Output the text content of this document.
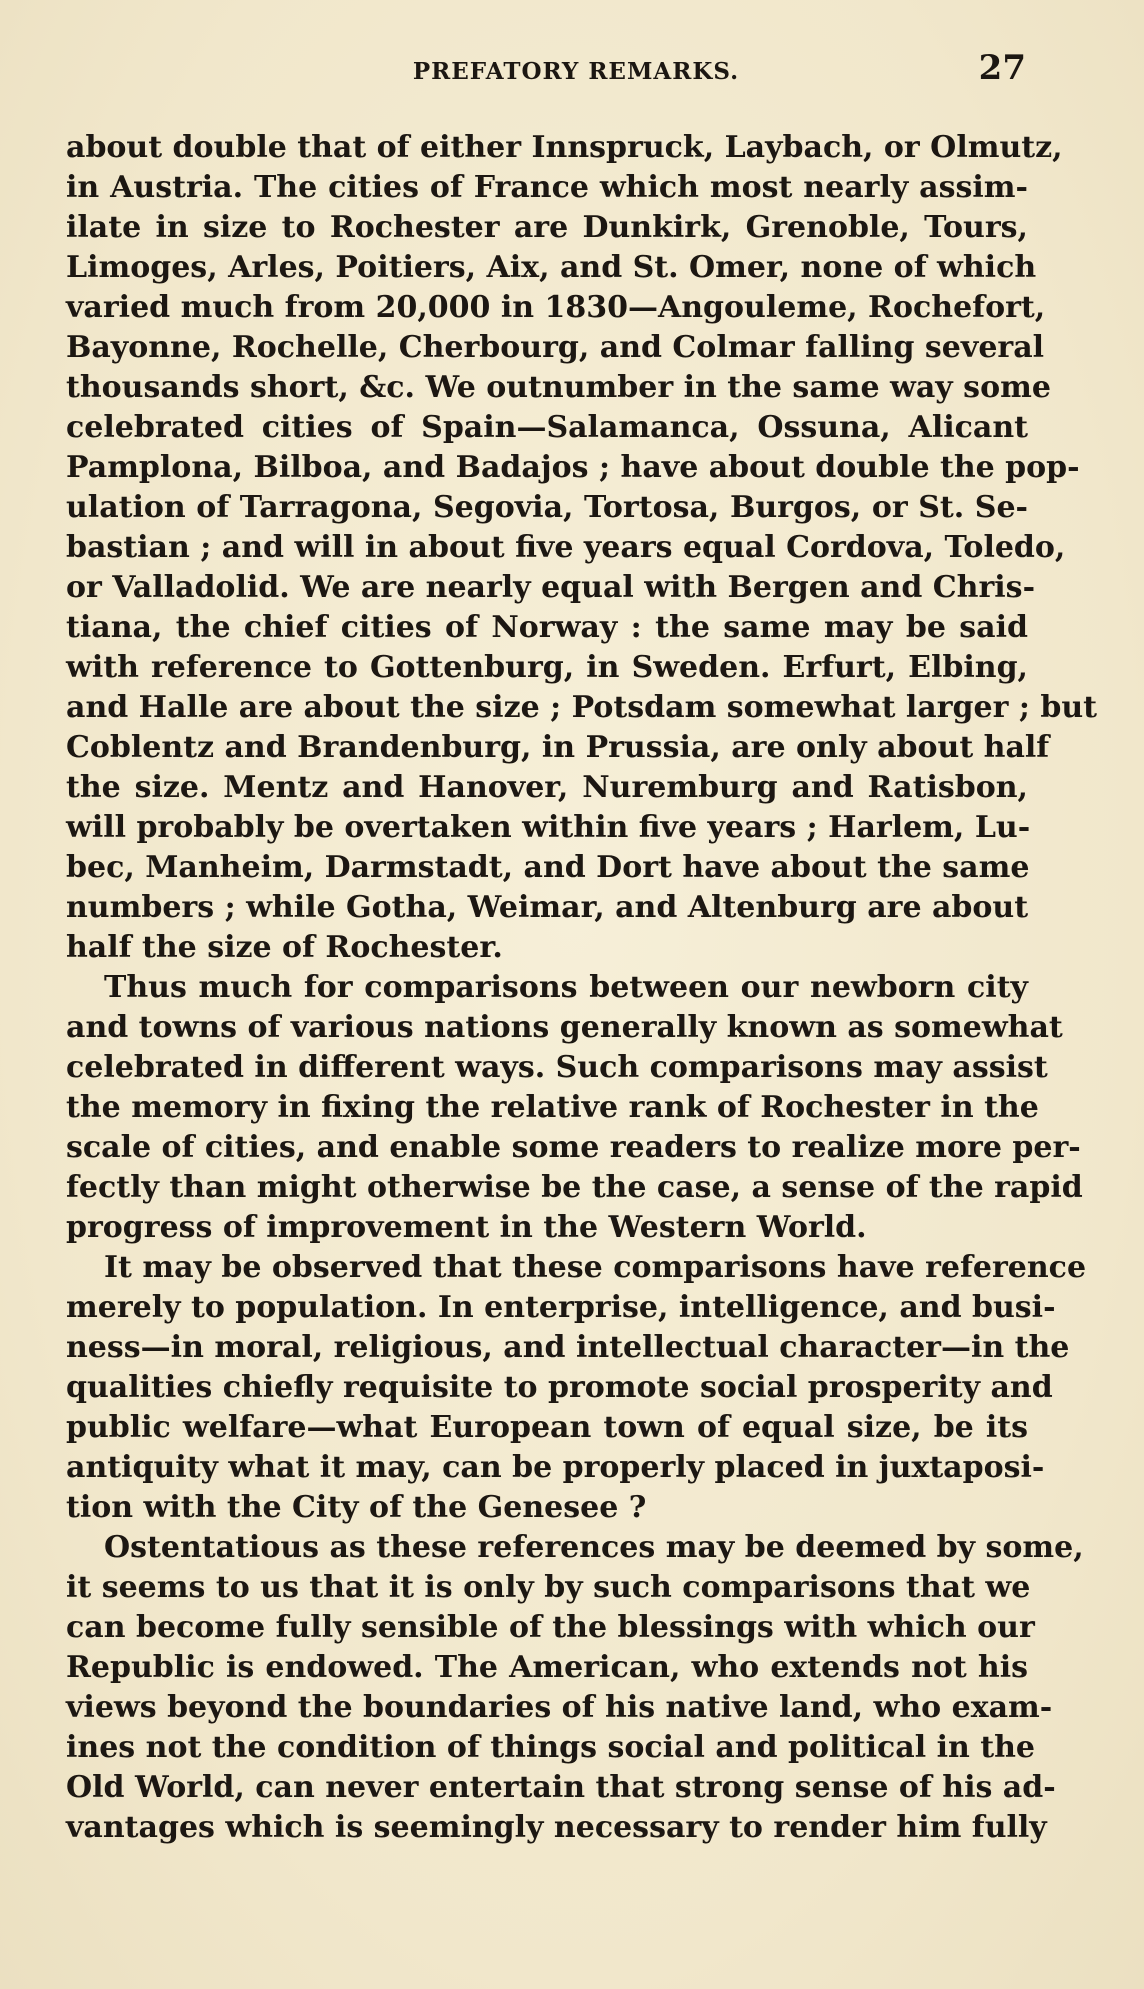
PREFATORY REMARKS.	27
about double that of either Innspruck, Laybach, or Olmutz,
in Austria. The cities of France which most nearly assim-
ilate in size to Rochester are Dunkirk, Grenoble, Tours,
Limoges, Arles, Poitiers, Aix, and St. Omer, none of which
varied much from 20,000 in 1830—Angouleme, Rochefort,
Bayonne, Rochelle, Cherbourg, and Colmar falling several
thousands short, &c. We outnumber in the same way some
celebrated cities of Spain—Salamanca, Ossuna, Alicant
Pamplona, Bilboa, and Badajos ; have about double the pop-
ulation of Tarragona, Segovia, Tortosa, Burgos, or St. Se-
bastian ; and will in about five years equal Cordova, Toledo,
or Valladolid. We are nearly equal with Bergen and Chris-
tiana, the chief cities of Norway : the same may be said
with reference to Gottenburg, in Sweden. Erfurt, Elbing,
and Halle are about the size ; Potsdam somewhat larger ; but
Coblentz and Brandenburg, in Prussia, are only about half
the size. Mentz and Hanover, Nuremburg and Ratisbon,
will probably be overtaken within five years ; Harlem, Lu-
bec, Manheim, Darmstadt, and Dort have about the same
numbers ; while Gotha, Weimar, and Altenburg are about
half the size of Rochester.
Thus much for comparisons between our newborn city
and towns of various nations generally known as somewhat
celebrated in different ways. Such comparisons may assist
the memory in fixing the relative rank of Rochester in the
scale of cities, and enable some readers to realize more per-
fectly than might otherwise be the case, a sense of the rapid
progress of improvement in the Western World.
It may be observed that these comparisons have reference
merely to population. In enterprise, intelligence, and busi-
ness—in moral, religious, and intellectual character—in the
qualities chiefly requisite to promote social prosperity and
public welfare—what European town of equal size, be its
antiquity what it may, can be properly placed in juxtaposi-
tion with the City of the Genesee ?
Ostentatious as these references may be deemed by some,
it seems to us that it is only by such comparisons that we
can become fully sensible of the blessings with which our
Republic is endowed. The American, who extends not his
views beyond the boundaries of his native land, who exam-
ines not the condition of things social and political in the
Old World, can never entertain that strong sense of his ad-
vantages which is seemingly necessary to render him fully
